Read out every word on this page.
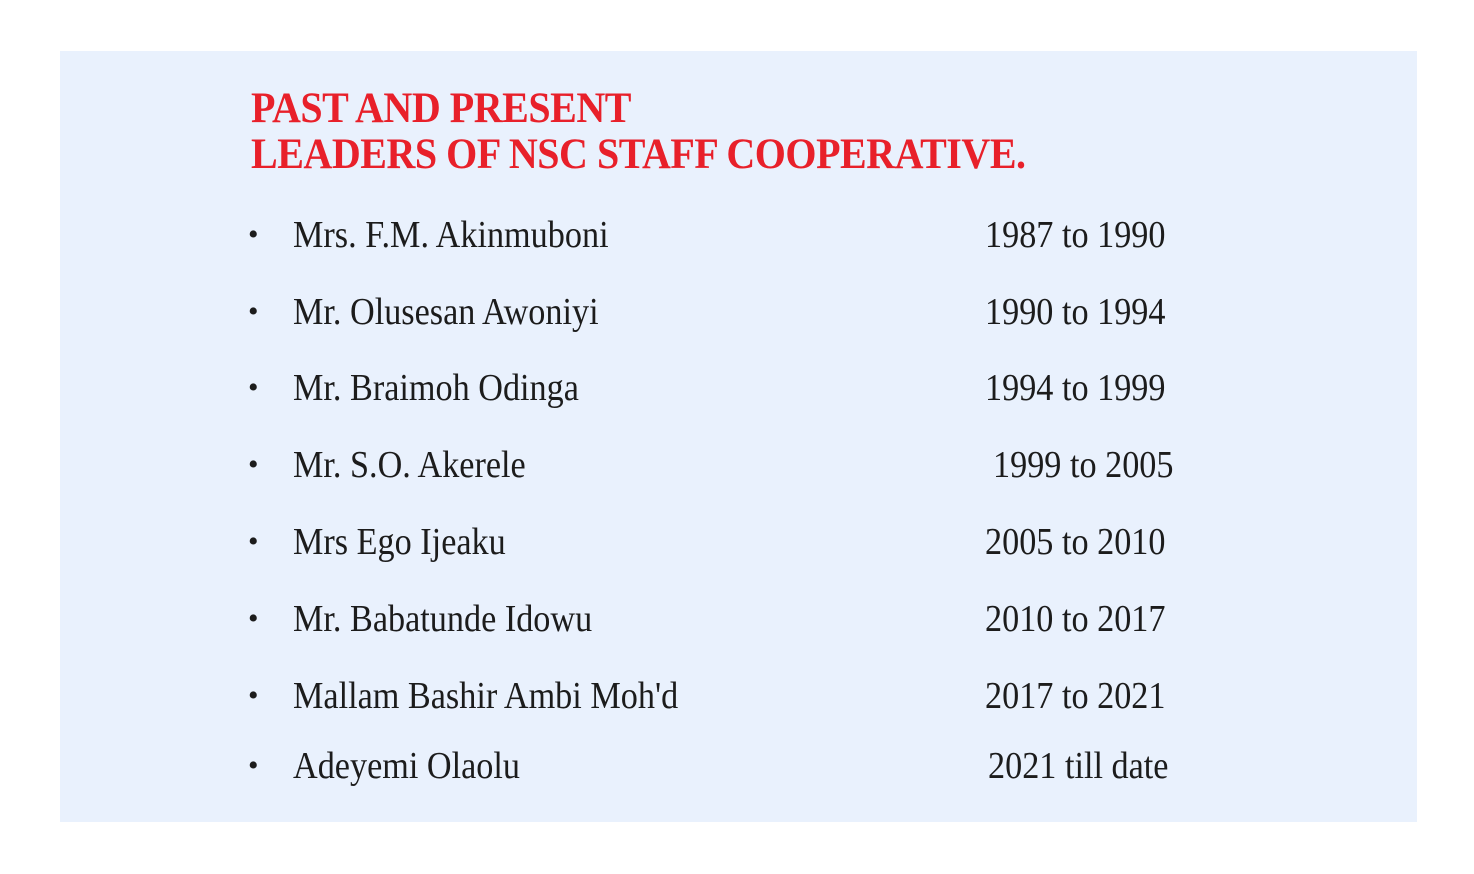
PAST AND PRESENT
LEADERS OF NSC STAFF COOPERATIVE.
• Mrs. F.M. Akinmuboni	1987 to 1990
• Mr. Olusesan Awoniyi	1990 to 1994
• Mr. Braimoh Odinga	1994 to 1999
• Mr. S.O. Akerele	1999 to 2005
• Mrs Ego Ijeaku	2005 to 2010
• Mr. Babatunde Idowu	2010 to 2017
• Mallam Bashir Ambi Moh'd	2017 to 2021
• Adeyemi Olaolu	2021 till date
